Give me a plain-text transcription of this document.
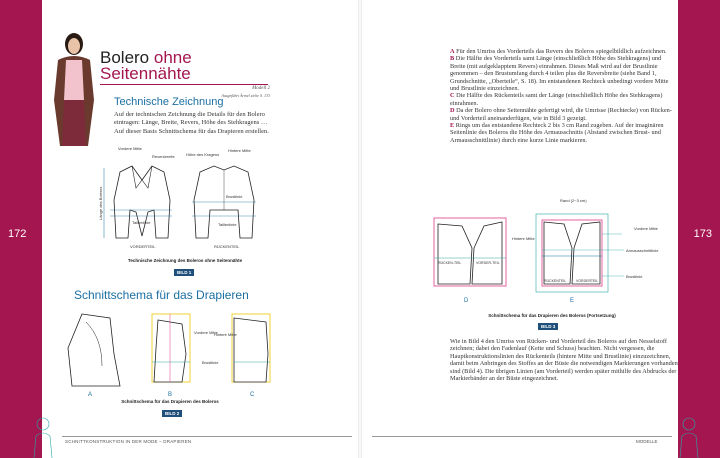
172	173
Bolero ohne
Seitennähte
Modell 2
Ausgeführt Ärmel siehe S. 133
Technische Zeichnung
Auf der technischen Zeichnung die Details für den Bolero eintragen: Länge, Breite, Revers, Höhe des Stehkragens … Auf dieser Basis Schnittschema für das Drapieren erstellen.
Vordere Mitte
Reversbreite	Höhe des Kragens
Hintere Mitte
Länge des Boleros	Brustlinie
Taillenlinie	Taillenlinie
VORDERTEIL	RÜCKENTEIL
Technische Zeichnung des Boleros ohne Seitennähte
BILD 1
Schnittschema für das Drapieren
Vordere Mitte
Hintere Mitte
Brustlinie
A	B	C
Schnittschema für das Drapieren des Boleros
BILD 2
A Für den Umriss des Vorderteils das Revers des Boleros spiegelbildlich aufzeichnen.
B Die Hälfte des Vorderteils samt Länge (einschließlich Höhe des Stehkragens) und Breite (mit aufgeklapptem Revers) einrahmen. Dieses Maß wird auf der Brustlinie genommen – den Brustumfang durch 4 teilen plus die Reversbreite (siehe Band 1, Grundschnitte, „Oberteile“, S. 18). Im entstandenen Rechteck unbedingt vordere Mitte und Brustlinie einzeichnen.
C Die Hälfte des Rückenteils samt der Länge (einschließlich Höhe des Stehkragens) einrahmen.
D Da der Bolero ohne Seitennähte gefertigt wird, die Umrisse (Rechtecke) von Rücken- und Vorderteil aneinanderfügen, wie in Bild 3 gezeigt.
E Rings um das entstandene Rechteck 2 bis 3 cm Rand zugeben. Auf der imaginären Seitenlinie des Boleros die Höhe des Armausschnitts (Abstand zwischen Brust- und Armausschnittlinie) durch eine kurze Linie markieren.
Rand (2−3 cm)
Hintere Mitte
Vordere Mitte
Armausschnittlinie
Brustlinie
RÜCKEN-TEIL	VORDER-TEIL
RÜCKENTEIL	VORDERTEIL
D	E
Schnittschema für das Drapieren des Boleros (Fortsetzung)
BILD 3
Wie in Bild 4 den Umriss von Rücken- und Vorderteil des Boleros auf den Nesselstoff zeichnen; dabei den Fadenlauf (Kette und Schuss) beachten. Nicht vergessen, die Hauptkonstruktionslinien des Rückenteils (hintere Mitte und Brustlinie) einzuzeichnen, damit beim Anbringen des Stoffes an der Büste die notwendigen Markierungen vorhanden sind (Bild 4). Die übrigen Linien (am Vorderteil) werden später mithilfe des Abdrucks der Markierbänder an der Büste eingezeichnet.
SCHNITTKONSTRUKTION IN DER MODE – DRAPIEREN	MODELLE
